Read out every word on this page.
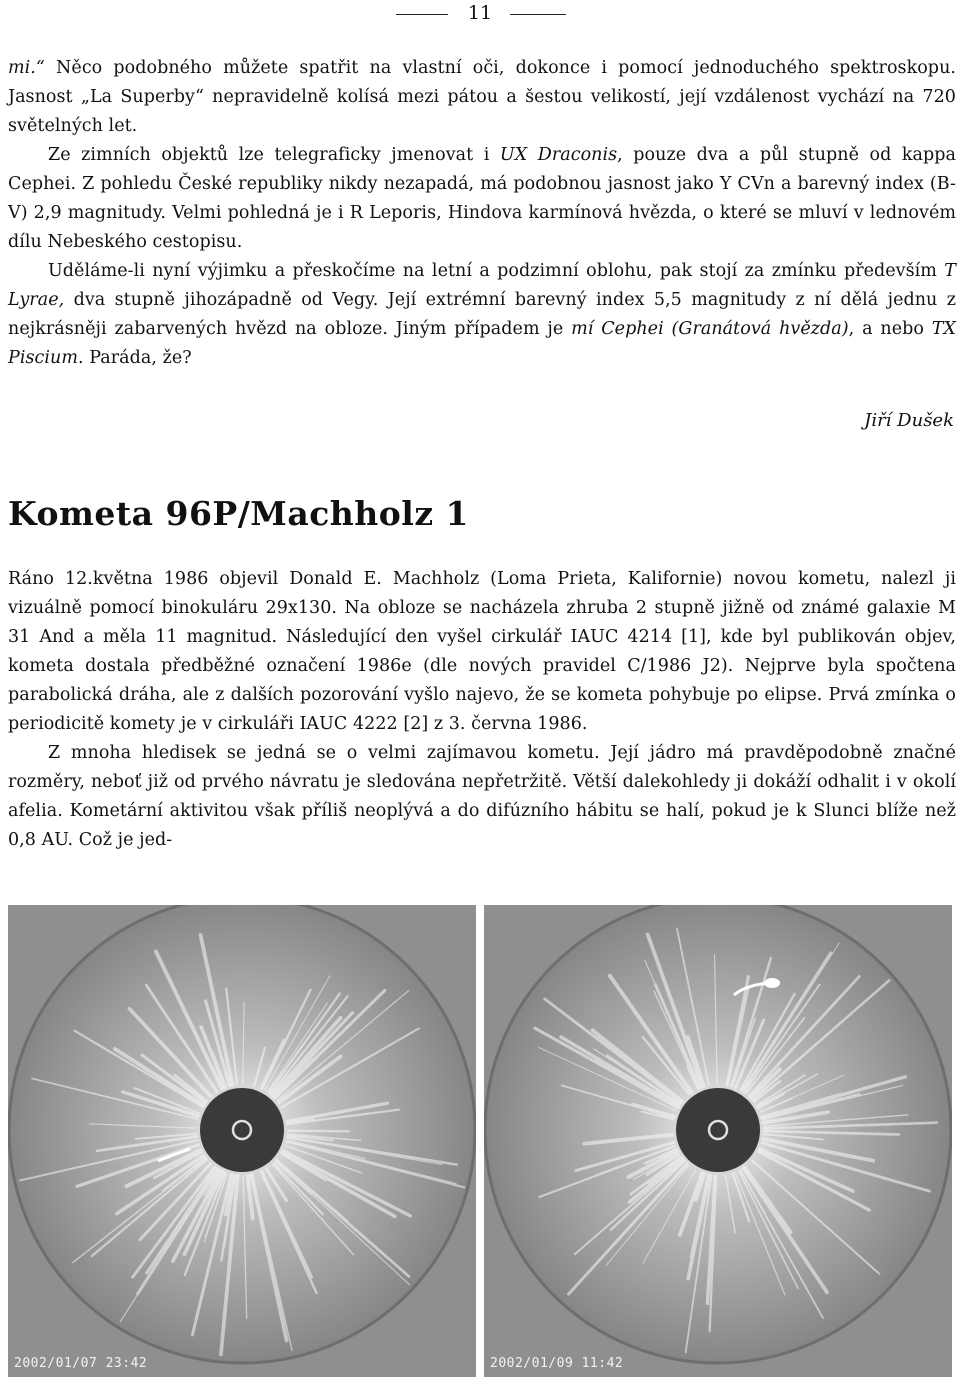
11

mi.“ Něco podobného můžete spatřit na vlastní oči, dokonce i pomocí jednoduchého spektroskopu. Jasnost „La Superby“ nepravidelně kolísá mezi pátou a šestou velikostí, její vzdálenost vychází na 720 světelných let.

Ze zimních objektů lze telegraficky jmenovat i UX Draconis, pouze dva a půl stupně od kappa Cephei. Z pohledu České republiky nikdy nezapadá, má podobnou jasnost jako Y CVn a barevný index (B-V) 2,9 magnitudy. Velmi pohledná je i R Leporis, Hindova karmínová hvězda, o které se mluví v lednovém dílu Nebeského cestopisu.

Uděláme-li nyní výjimku a přeskočíme na letní a podzimní oblohu, pak stojí za zmínku především T Lyrae, dva stupně jihozápadně od Vegy. Její extrémní barevný index 5,5 magnitudy z ní dělá jednu z nejkrásněji zabarvených hvězd na obloze. Jiným případem je mí Cephei (Granátová hvězda), a nebo TX Piscium. Paráda, že?

Jiří Dušek
Kometa 96P/Machholz 1

Ráno 12.května 1986 objevil Donald E. Machholz (Loma Prieta, Kalifornie) novou kometu, nalezl ji vizuálně pomocí binokuláru 29x130. Na obloze se nacházela zhruba 2 stupně jižně od známé galaxie M 31 And a měla 11 magnitud. Následující den vyšel cirkulář IAUC 4214 [1], kde byl publikován objev, kometa dostala předběžné označení 1986e (dle nových pravidel C/1986 J2). Nejprve byla spočtena parabolická dráha, ale z dalších pozorování vyšlo najevo, že se kometa pohybuje po elipse. Prvá zmínka o periodicitě komety je v cirkuláři IAUC 4222 [2] z 3. června 1986.

Z mnoha hledisek se jedná se o velmi zajímavou kometu. Její jádro má pravděpodobně značné rozměry, neboť již od prvého návratu je sledována nepřetržitě. Větší dalekohledy ji dokáží odhalit i v okolí afelia. Kometární aktivitou však příliš neoplývá a do difúzního hábitu se halí, pokud je k Slunci blíže než 0,8 AU. Což je jed-

2002/01/07 23:42	2002/01/09 11:42
